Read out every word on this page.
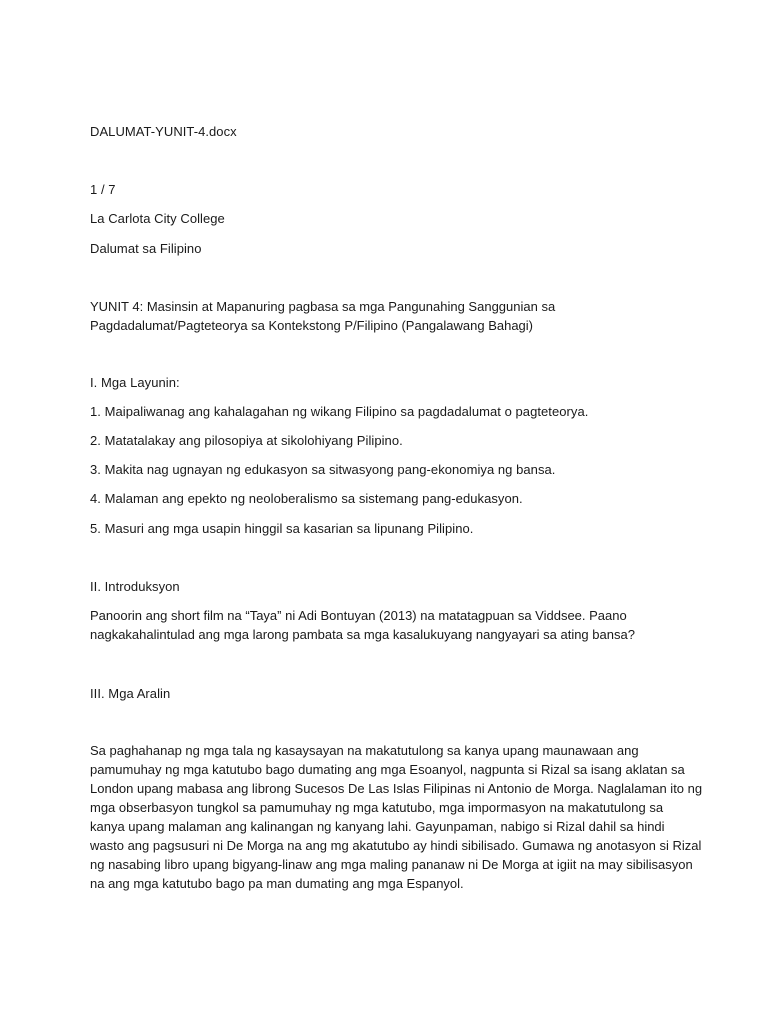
DALUMAT-YUNIT-4.docx
1 / 7
La Carlota City College
Dalumat sa Filipino
YUNIT 4: Masinsin at Mapanuring pagbasa sa mga Pangunahing Sanggunian sa
Pagdadalumat/Pagteteorya sa Kontekstong P/Filipino (Pangalawang Bahagi)
I. Mga Layunin:
1. Maipaliwanag ang kahalagahan ng wikang Filipino sa pagdadalumat o pagteteorya.
2. Matatalakay ang pilosopiya at sikolohiyang Pilipino.
3. Makita nag ugnayan ng edukasyon sa sitwasyong pang-ekonomiya ng bansa.
4. Malaman ang epekto ng neoloberalismo sa sistemang pang-edukasyon.
5. Masuri ang mga usapin hinggil sa kasarian sa lipunang Pilipino.
II. Introduksyon
Panoorin ang short film na “Taya” ni Adi Bontuyan (2013) na matatagpuan sa Viddsee. Paano
nagkakahalintulad ang mga larong pambata sa mga kasalukuyang nangyayari sa ating bansa?
III. Mga Aralin
Sa paghahanap ng mga tala ng kasaysayan na makatutulong sa kanya upang maunawaan ang
pamumuhay ng mga katutubo bago dumating ang mga Esoanyol, nagpunta si Rizal sa isang aklatan sa
London upang mabasa ang librong Sucesos De Las Islas Filipinas ni Antonio de Morga. Naglalaman ito ng
mga obserbasyon tungkol sa pamumuhay ng mga katutubo, mga impormasyon na makatutulong sa
kanya upang malaman ang kalinangan ng kanyang lahi. Gayunpaman, nabigo si Rizal dahil sa hindi
wasto ang pagsusuri ni De Morga na ang mg akatutubo ay hindi sibilisado. Gumawa ng anotasyon si Rizal
ng nasabing libro upang bigyang-linaw ang mga maling pananaw ni De Morga at igiit na may sibilisasyon
na ang mga katutubo bago pa man dumating ang mga Espanyol.
